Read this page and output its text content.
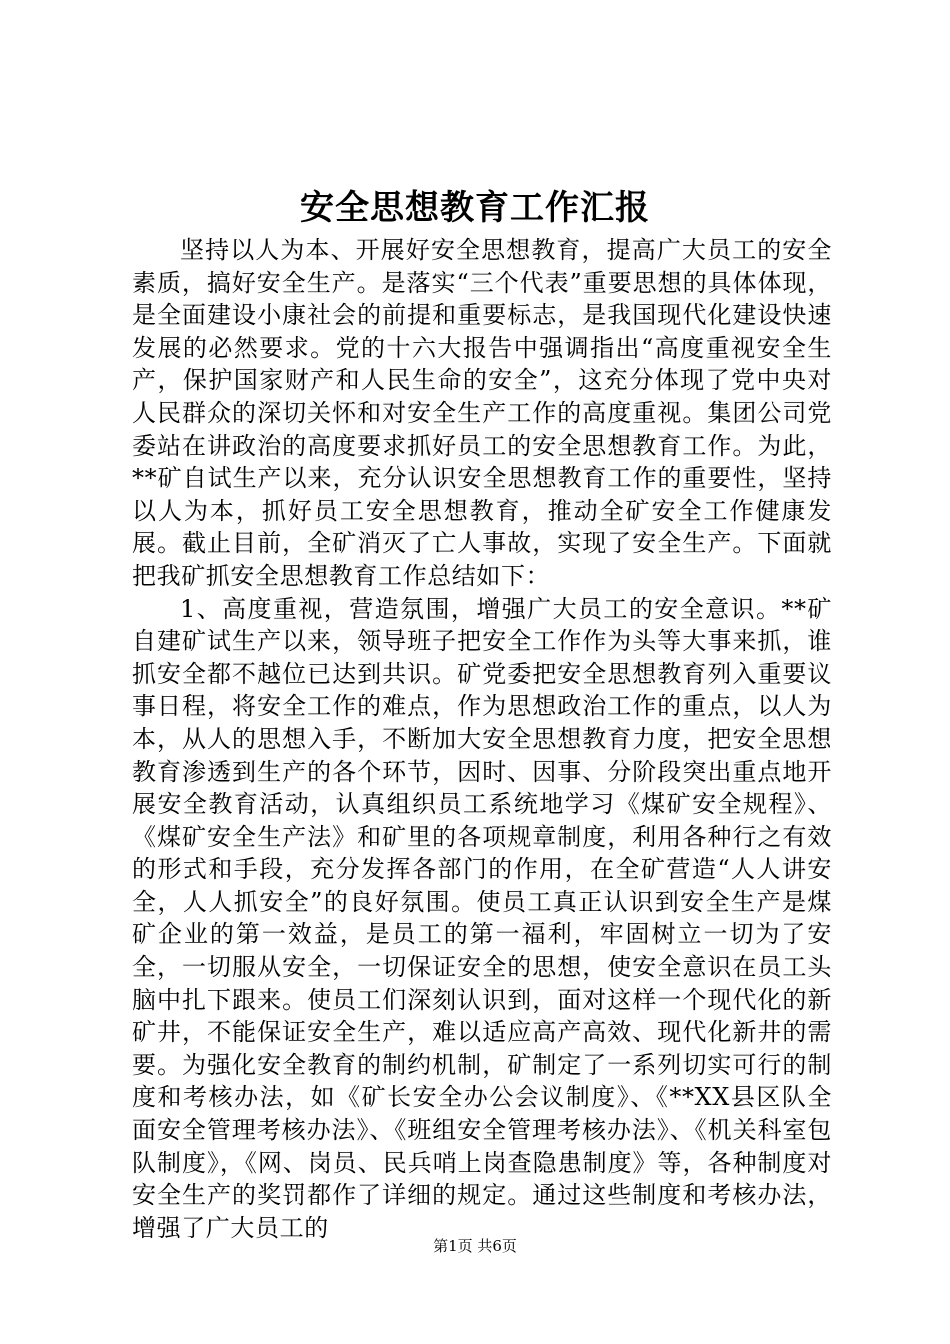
安全思想教育工作汇报

坚持以人为本、开展好安全思想教育，提高广大员工的安全素质，搞好安全生产。是落实“三个代表”重要思想的具体体现，是全面建设小康社会的前提和重要标志，是我国现代化建设快速发展的必然要求。党的十六大报告中强调指出“高度重视安全生产，保护国家财产和人民生命的安全”，这充分体现了党中央对人民群众的深切关怀和对安全生产工作的高度重视。集团公司党委站在讲政治的高度要求抓好员工的安全思想教育工作。为此，**矿自试生产以来，充分认识安全思想教育工作的重要性，坚持以人为本，抓好员工安全思想教育，推动全矿安全工作健康发展。截止目前，全矿消灭了亡人事故，实现了安全生产。下面就把我矿抓安全思想教育工作总结如下：

1、高度重视，营造氛围，增强广大员工的安全意识。**矿自建矿试生产以来，领导班子把安全工作作为头等大事来抓，谁抓安全都不越位已达到共识。矿党委把安全思想教育列入重要议事日程，将安全工作的难点，作为思想政治工作的重点，以人为本，从人的思想入手，不断加大安全思想教育力度，把安全思想教育渗透到生产的各个环节，因时、因事、分阶段突出重点地开展安全教育活动，认真组织员工系统地学习《煤矿安全规程》、《煤矿安全生产法》和矿里的各项规章制度，利用各种行之有效的形式和手段，充分发挥各部门的作用，在全矿营造“人人讲安全，人人抓安全”的良好氛围。使员工真正认识到安全生产是煤矿企业的第一效益，是员工的第一福利，牢固树立一切为了安全，一切服从安全，一切保证安全的思想，使安全意识在员工头脑中扎下跟来。使员工们深刻认识到，面对这样一个现代化的新矿井，不能保证安全生产，难以适应高产高效、现代化新井的需要。为强化安全教育的制约机制，矿制定了一系列切实可行的制度和考核办法，如《矿长安全办公会议制度》、《**XX县区队全面安全管理考核办法》、《班组安全管理考核办法》、《机关科室包队制度》，《网、岗员、民兵哨上岗查隐患制度》等，各种制度对安全生产的奖罚都作了详细的规定。通过这些制度和考核办法，增强了广大员工的

第1页 共6页
